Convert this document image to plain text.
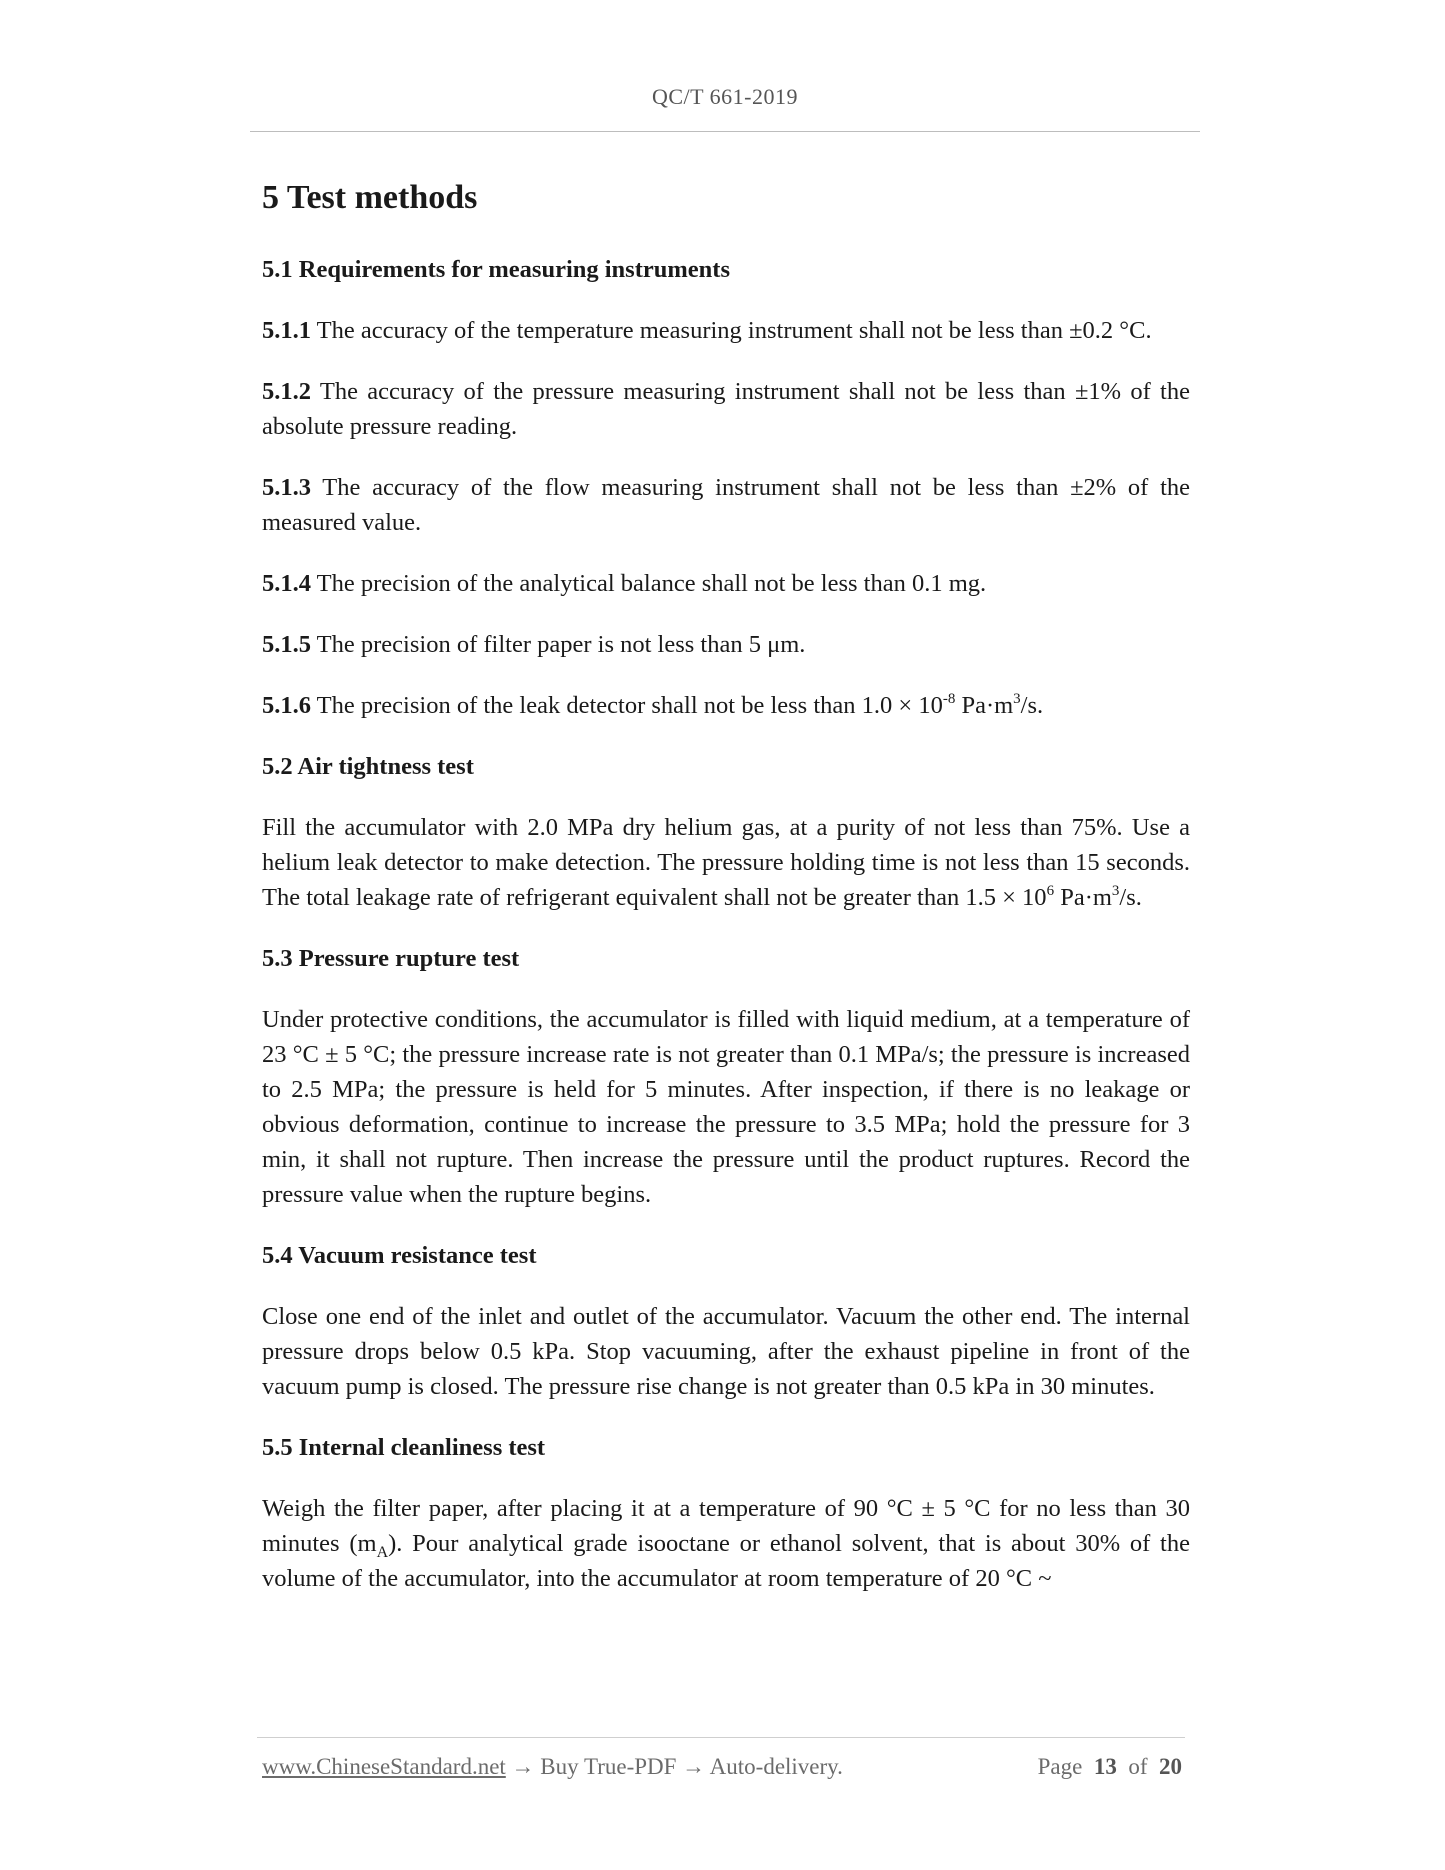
QC/T 661-2019
5 Test methods
5.1 Requirements for measuring instruments

5.1.1 The accuracy of the temperature measuring instrument shall not be less than ±0.2 °C.

5.1.2 The accuracy of the pressure measuring instrument shall not be less than ±1% of the absolute pressure reading.

5.1.3 The accuracy of the flow measuring instrument shall not be less than ±2% of the measured value.

5.1.4 The precision of the analytical balance shall not be less than 0.1 mg.

5.1.5 The precision of filter paper is not less than 5 μm.

5.1.6 The precision of the leak detector shall not be less than $1.0 \times 10^{-8}$ $Pa\cdot m^3/s$.

5.2 Air tightness test

Fill the accumulator with 2.0 MPa dry helium gas, at a purity of not less than 75%. Use a helium leak detector to make detection. The pressure holding time is not less than 15 seconds. The total leakage rate of refrigerant equivalent shall not be greater than $1.5 \times 10^6$ $Pa\cdot m^3/s$.

5.3 Pressure rupture test

Under protective conditions, the accumulator is filled with liquid medium, at a temperature of 23 °C ± 5 °C; the pressure increase rate is not greater than 0.1 MPa/s; the pressure is increased to 2.5 MPa; the pressure is held for 5 minutes. After inspection, if there is no leakage or obvious deformation, continue to increase the pressure to 3.5 MPa; hold the pressure for 3 min, it shall not rupture. Then increase the pressure until the product ruptures. Record the pressure value when the rupture begins.

5.4 Vacuum resistance test

Close one end of the inlet and outlet of the accumulator. Vacuum the other end. The internal pressure drops below 0.5 kPa. Stop vacuuming, after the exhaust pipeline in front of the vacuum pump is closed. The pressure rise change is not greater than 0.5 kPa in 30 minutes.

5.5 Internal cleanliness test

Weigh the filter paper, after placing it at a temperature of 90 °C ± 5 °C for no less than 30 minutes $(m_A)$. Pour analytical grade isooctane or ethanol solvent, that is about 30% of the volume of the accumulator, into the accumulator at room temperature of 20 °C ~

www.ChineseStandard.net → Buy True-PDF → Auto-delivery.	Page 13 of 20
